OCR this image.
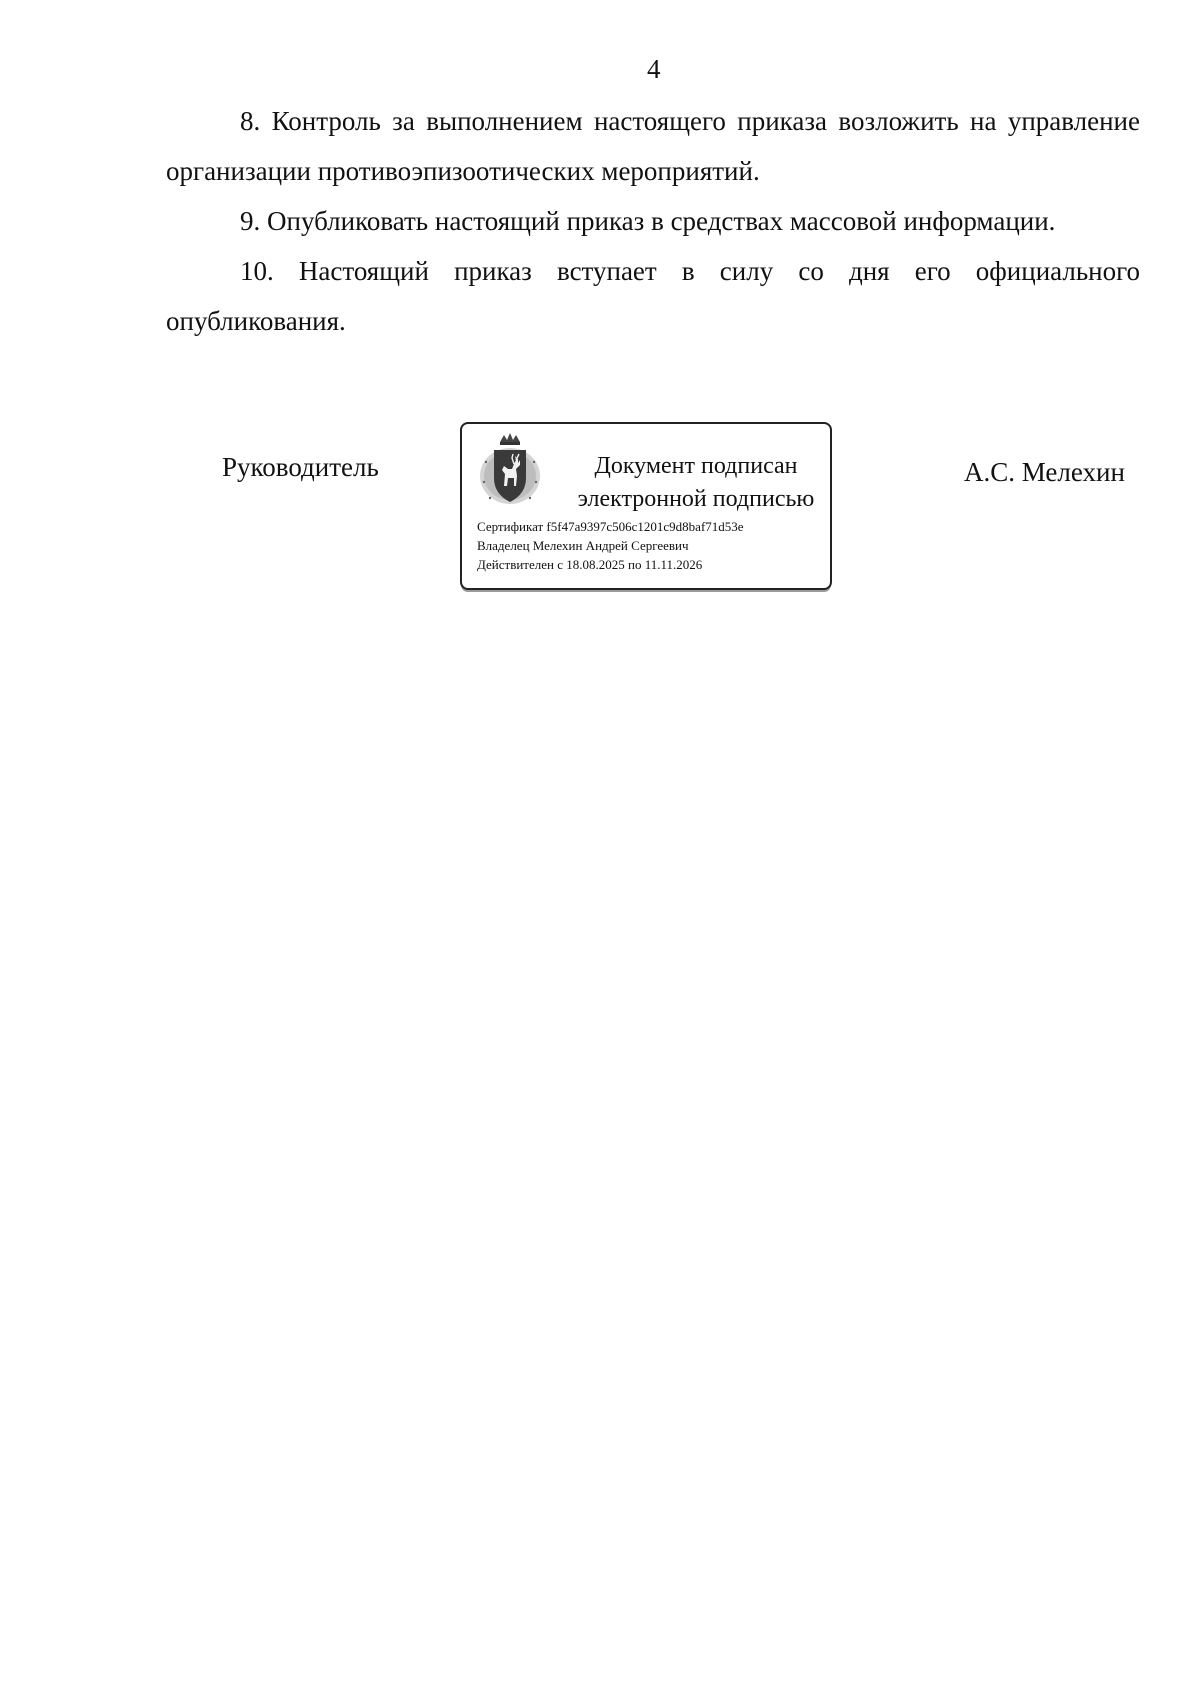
4

8. Контроль за выполнением настоящего приказа возложить на управление организации противоэпизоотических мероприятий.

9. Опубликовать настоящий приказ в средствах массовой информации.

10. Настоящий приказ вступает в силу со дня его официального опубликования.

Руководитель	Документ подписан
электронной подписью
Сертификат f5f47a9397c506c1201c9d8baf71d53e
Владелец Мелехин Андрей Сергеевич
Действителен с 18.08.2025 по 11.11.2026
А.С. Мелехин
